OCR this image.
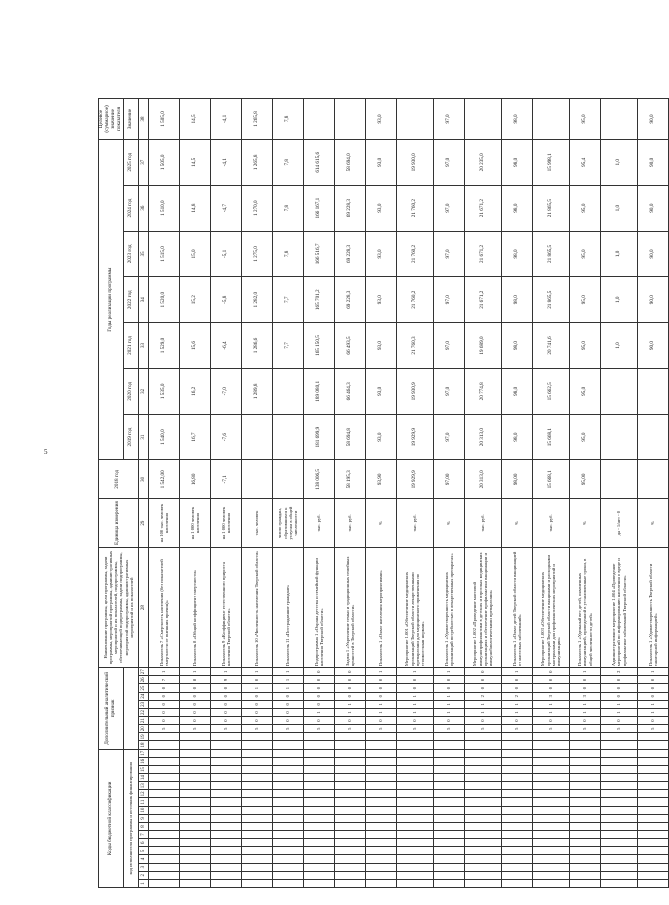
5
Коды бюджетной классификации																	Дополнительный аналитический признак										Наименование программы, цели программы, задачи программы, мероприятий программы, административных мероприятий и их показателей, подпрограммы, обеспечивающей подпрограммы, задачи подпрограммы, мероприятий подпрограммы, административных мероприятий и их показателей	Единица измерения	2018 год	Годы реализации программы							Целевое (суммарное) значение показателя
код исполнителя программы и источник финансирования																														2019 год	2020 год	2021 год	2022 год	2023 год	2024 год	2025 год	Значение
1	2	3	4	5	6	7	8	9	10	11	12	13	14	15	16	17	18	19	20	21	22	23	24	25	26	27	28	29	30	31	32	33	34	35	36	37	38
																			5	0	0	0	0	0	7	1	Показатель 7 «Смертность населения (без показателей смертности от внешних причин)»	на 100 тыс. человек населения	1 542,00	1 540,0	1 535,0	1 529,0	1 520,0	1 515,0	1 510,0	1 505,0	1 505,0
																			5	0	0	0	0	0	8	1	Показатель 8 «Общий коэффициент смертности»	на 1 000 человек населения	16,80	16,7	16,2	15,6	15,2	15,0	14,8	14,5	14,5
																			5	0	0	0	0	0	9	1	Показатель 9 «Коэффициент естественного прироста населения Тверской области»	на 1 000 человек населения	-7,1	-7,6	-7,0	-6,4	-5,8	-5,1	-4,7	-4,1	-4,1
																			5	0	0	0	0	1	0	1	Показатель 10 «Численность населения Тверской области»	тыс. человек			1 289,8	1 286,6	1 282,0	1 275,0	1 270,0	1 265,8	1 265,8
																			5	0	0	0	0	1	1	1	Показатель 11 «Пострадавшие граждане»	число граждан, обратившихся к услугам в общей численности				7,7	7,7	7,8	7,8	7,8	7,8
																			5	0	1	0	0	0	0	0	Подпрограмма 1 «Охрана детства и семейной функции населения Тверской области»	тыс. руб.	138 006,5	181 699,9	189 080,1	165 150,5	165 701,2	166 516,7	166 167,1	614 615,6	
																			5	0	1	1	0	0	0	0	Задача 1 «Укрепление семьи и традиционных семейных ценностей в Тверской области»	тыс. руб.	58 195,3	58 694,8	66 464,3	66 493,5	69 228,3	69 228,3	69 228,3	58 694,0	
																			5	0	1	1	0	0	0	1	Показатель 1 «Охват населения мероприятиями»	%	93,90	93,0	93,0	93,0	93,0	93,0	93,0	93,0	93,0
																			5	0	1	1	1	0	0	1	Мероприятие 1.001 «Обеспечение медицинских организаций Тверской области лекарственными препаратами для медицинского применения по стоимостным нормам»	тыс. руб.	19 929,9	19 929,9	19 930,9	21 760,3	21 760,2	21 760,2	21 760,2	19 930,0	
																			5	0	1	1	1	0	0	1	Показатель 1 «Удовлетворенность медицинских организаций потребностью в лекарственных препаратах»	%	97,00	97,0	97,0	97,0	97,0	97,0	97,0	97,0	97,0
																			5	0	1	1	2	0	0	0	Мероприятие 1.002 «Проведение массовой иммунопрофилактики в детских и взрослых медицинских организациях и обеспечение профилактики вакцинации и иммунобиологическими препаратами»	тыс. руб.	20 313,0	20 313,0	20 774,8	19 689,0	21 671,2	21 671,2	21 671,2	20 235,0	
																			5	0	1	1	2	0	0	1	Показатель 1 «Охват детей Тверской области вакцинацией от массовых заболеваний»	%	98,00	98,0	98,0	98,0	98,0	98,0	98,0	98,0	98,0
																			5	0	1	1	3	0	0	0	Мероприятие 1.003 «Обеспечение медицинских организаций Тверской области вакцинами и расходными материалами для профилактических мероприятий и иммунизации»	тыс. руб.	15 668,1	15 668,1	15 662,5	20 741,6	21 865,5	21 865,5	21 865,5	15 998,1	
																			5	0	1	1	3	0	0	1	Показатель 1 «Удельный вес детей, охваченных иммунизацией, проведенной в установленные сроки, в общей численности детей»	%	95,00	95,0	95,0	95,0	95,0	95,0	95,0	95,4	95,0
																			5	0	1	1	0	0	0	2	Административное мероприятие 1.004 «Проведение мероприятий по информированию населения о вреде и профилактике заболеваний Тверской области»	да - 1/нет - 0				1,0	1,0	1,0	1,0	1,0	
																			5	0	1	1	0	0	0	1	Показатель 1 «Удовлетворенность Тверской области санитарной информацией»	%				90,0	90,0	90,0	90,0	90,0	90,0
